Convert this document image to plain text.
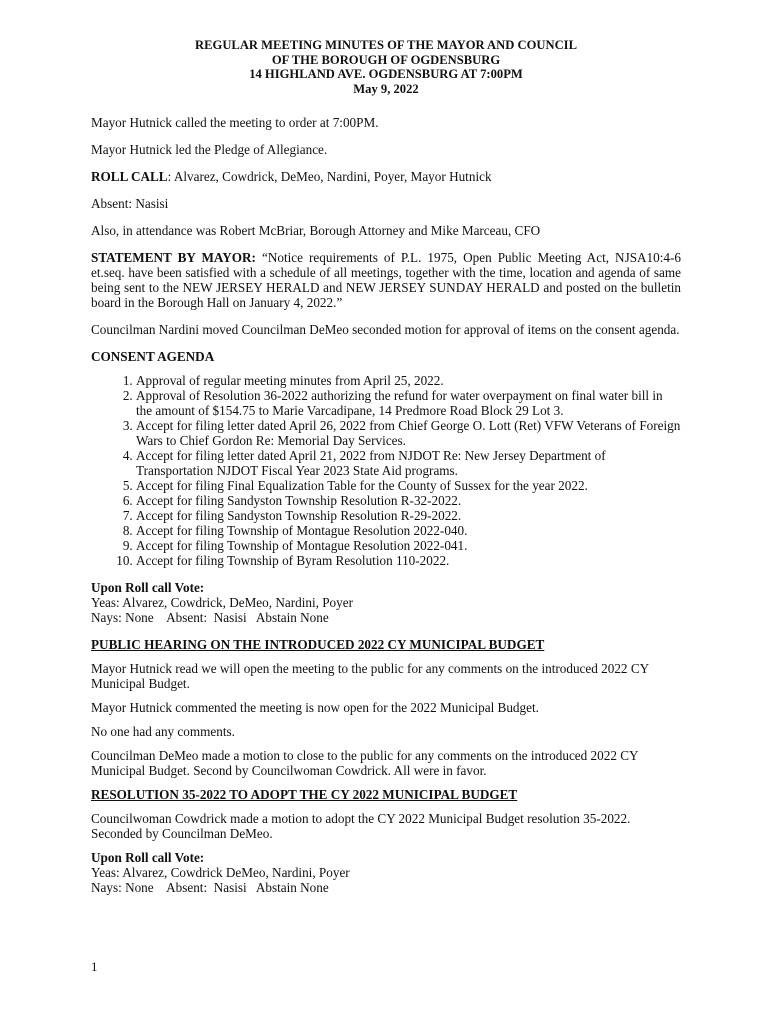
REGULAR MEETING MINUTES OF THE MAYOR AND COUNCIL
OF THE BOROUGH OF OGDENSBURG
14 HIGHLAND AVE. OGDENSBURG AT 7:00PM
May 9, 2022

Mayor Hutnick called the meeting to order at 7:00PM.

Mayor Hutnick led the Pledge of Allegiance.

ROLL CALL: Alvarez, Cowdrick, DeMeo, Nardini, Poyer, Mayor Hutnick

Absent: Nasisi

Also, in attendance was Robert McBriar, Borough Attorney and Mike Marceau, CFO

STATEMENT BY MAYOR: “Notice requirements of P.L. 1975, Open Public Meeting Act, NJSA10:4-6 et.seq. have been satisfied with a schedule of all meetings, together with the time, location and agenda of same being sent to the NEW JERSEY HERALD and NEW JERSEY SUNDAY HERALD and posted on the bulletin board in the Borough Hall on January 4, 2022.”

Councilman Nardini moved Councilman DeMeo seconded motion for approval of items on the consent agenda.

CONSENT AGENDA

1. Approval of regular meeting minutes from April 25, 2022.
2. Approval of Resolution 36-2022 authorizing the refund for water overpayment on final water bill in the amount of $154.75 to Marie Varcadipane, 14 Predmore Road Block 29 Lot 3.
3. Accept for filing letter dated April 26, 2022 from Chief George O. Lott (Ret) VFW Veterans of Foreign Wars to Chief Gordon Re: Memorial Day Services.
4. Accept for filing letter dated April 21, 2022 from NJDOT Re: New Jersey Department of Transportation NJDOT Fiscal Year 2023 State Aid programs.
5. Accept for filing Final Equalization Table for the County of Sussex for the year 2022.
6. Accept for filing Sandyston Township Resolution R-32-2022.
7. Accept for filing Sandyston Township Resolution R-29-2022.
8. Accept for filing Township of Montague Resolution 2022-040.
9. Accept for filing Township of Montague Resolution 2022-041.
10. Accept for filing Township of Byram Resolution 110-2022.

Upon Roll call Vote:

Yeas: Alvarez, Cowdrick, DeMeo, Nardini, Poyer

Nays: None    Absent:  Nasisi   Abstain None

PUBLIC HEARING ON THE INTRODUCED 2022 CY MUNICIPAL BUDGET

Mayor Hutnick read we will open the meeting to the public for any comments on the introduced 2022 CY Municipal Budget.

Mayor Hutnick commented the meeting is now open for the 2022 Municipal Budget.

No one had any comments.

Councilman DeMeo made a motion to close to the public for any comments on the introduced 2022 CY Municipal Budget. Second by Councilwoman Cowdrick. All were in favor.

RESOLUTION 35-2022 TO ADOPT THE CY 2022 MUNICIPAL BUDGET

Councilwoman Cowdrick made a motion to adopt the CY 2022 Municipal Budget resolution 35-2022. Seconded by Councilman DeMeo.

Upon Roll call Vote:

Yeas: Alvarez, Cowdrick DeMeo, Nardini, Poyer

Nays: None    Absent:  Nasisi   Abstain None

1
